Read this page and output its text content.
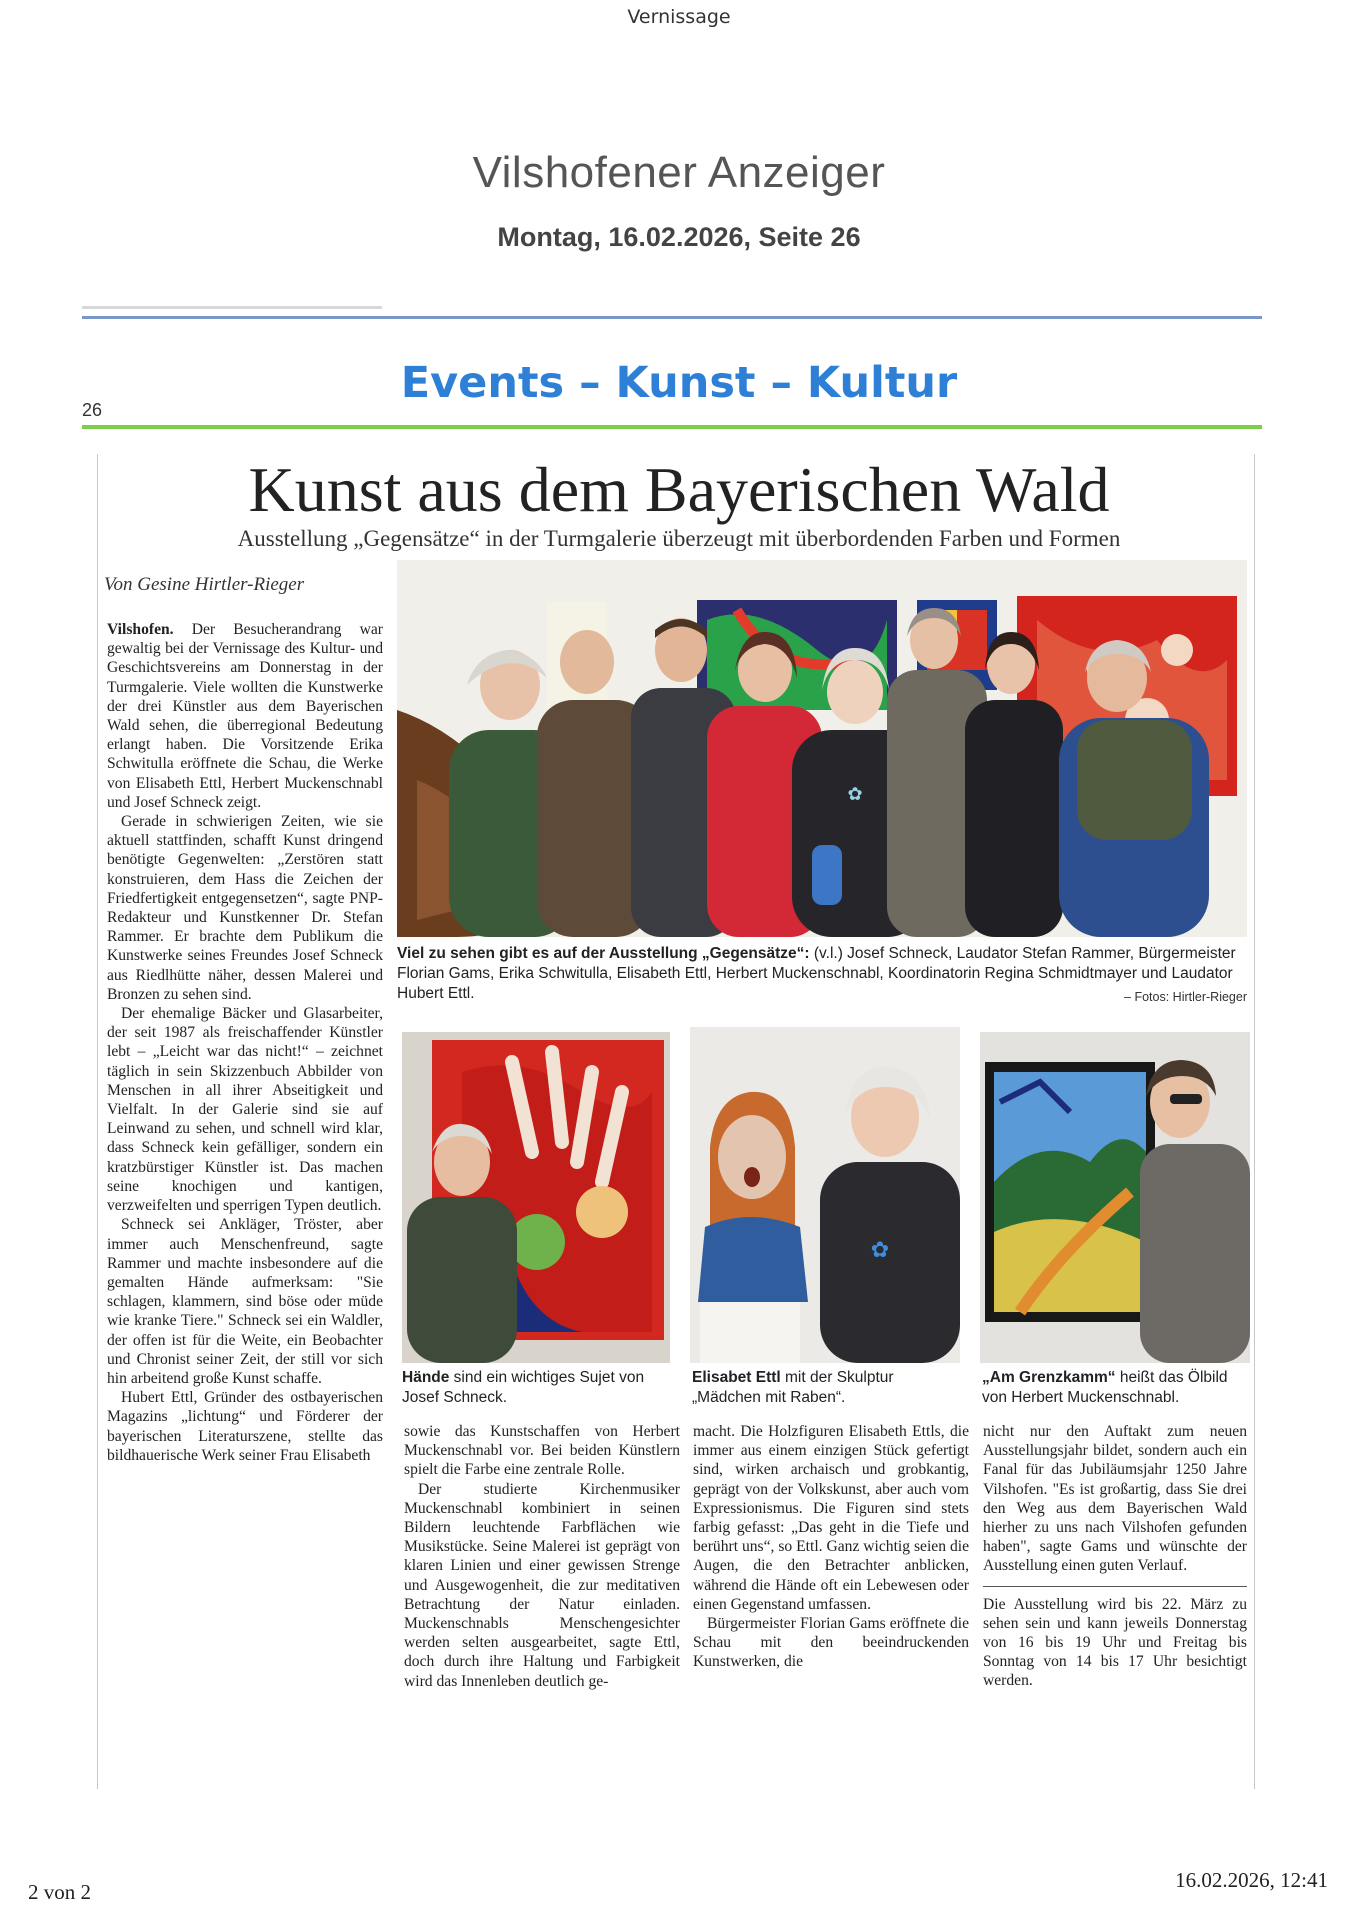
Vernissage
Vilshofener Anzeiger
Montag, 16.02.2026, Seite 26
26
Events – Kunst – Kultur
Kunst aus dem Bayerischen Wald
Ausstellung „Gegensätze“ in der Turmgalerie überzeugt mit überbordenden Farben und Formen
Von Gesine Hirtler-Rieger
✿
Viel zu sehen gibt es auf der Ausstellung „Gegensätze“: (v.l.) Josef Schneck, Laudator Stefan Rammer, Bürgermeister Florian Gams, Erika Schwitulla, Elisabeth Ettl, Herbert Muckenschnabl, Koordinatorin Regina Schmidtmayer und Laudator Hubert Ettl.	– Fotos: Hirtler-Rieger
Hände sind ein wichtiges Sujet von Josef Schneck.
✿
Elisabet Ettl mit der Skulptur „Mädchen mit Raben“.
„Am Grenzkamm“ heißt das Ölbild von Herbert Muckenschnabl.

Vilshofen. Der Besucherandrang war gewaltig bei der Vernissage des Kultur- und Geschichtsvereins am Donnerstag in der Turmgalerie. Viele wollten die Kunstwerke der drei Künstler aus dem Bayerischen Wald sehen, die überregional Bedeutung erlangt haben. Die Vorsitzende Erika Schwitulla eröffnete die Schau, die Werke von Elisabeth Ettl, Herbert Muckenschnabl und Josef Schneck zeigt.

Gerade in schwierigen Zeiten, wie sie aktuell stattfinden, schafft Kunst dringend benötigte Gegenwelten: „Zerstören statt konstruieren, dem Hass die Zeichen der Friedfertigkeit entgegensetzen“, sagte PNP-Redakteur und Kunstkenner Dr. Stefan Rammer. Er brachte dem Publikum die Kunstwerke seines Freundes Josef Schneck aus Riedlhütte näher, dessen Malerei und Bronzen zu sehen sind.

Der ehemalige Bäcker und Glasarbeiter, der seit 1987 als freischaffender Künstler lebt – „Leicht war das nicht!“ – zeichnet täglich in sein Skizzenbuch Abbilder von Menschen in all ihrer Abseitigkeit und Vielfalt. In der Galerie sind sie auf Leinwand zu sehen, und schnell wird klar, dass Schneck kein gefälliger, sondern ein kratzbürstiger Künstler ist. Das machen seine knochigen und kantigen, verzweifelten und sperrigen Typen deutlich.

Schneck sei Ankläger, Tröster, aber immer auch Menschenfreund, sagte Rammer und machte insbesondere auf die gemalten Hände aufmerksam: "Sie schlagen, klammern, sind böse oder müde wie kranke Tiere." Schneck sei ein Waldler, der offen ist für die Weite, ein Beobachter und Chronist seiner Zeit, der still vor sich hin arbeitend große Kunst schaffe.

Hubert Ettl, Gründer des ostbayerischen Magazins „lichtung“ und Förderer der bayerischen Literaturszene, stellte das bildhauerische Werk seiner Frau Elisabeth

sowie das Kunstschaffen von Herbert Muckenschnabl vor. Bei beiden Künstlern spielt die Farbe eine zentrale Rolle.

Der studierte Kirchenmusiker Muckenschnabl kombiniert in seinen Bildern leuchtende Farbflächen wie Musikstücke. Seine Malerei ist geprägt von klaren Linien und einer gewissen Strenge und Ausgewogenheit, die zur meditativen Betrachtung der Natur einladen. Muckenschnabls Menschengesichter werden selten ausgearbeitet, sagte Ettl, doch durch ihre Haltung und Farbigkeit wird das Innenleben deutlich ge-

macht. Die Holzfiguren Elisabeth Ettls, die immer aus einem einzigen Stück gefertigt sind, wirken archaisch und grobkantig, geprägt von der Volkskunst, aber auch vom Expressionismus. Die Figuren sind stets farbig gefasst: „Das geht in die Tiefe und berührt uns“, so Ettl. Ganz wichtig seien die Augen, die den Betrachter anblicken, während die Hände oft ein Lebewesen oder einen Gegenstand umfassen.

Bürgermeister Florian Gams eröffnete die Schau mit den beeindruckenden Kunstwerken, die

nicht nur den Auftakt zum neuen Ausstellungsjahr bildet, sondern auch ein Fanal für das Jubiläumsjahr 1250 Jahre Vilshofen. "Es ist großartig, dass Sie drei den Weg aus dem Bayerischen Wald hierher zu uns nach Vilshofen gefunden haben", sagte Gams und wünschte der Ausstellung einen guten Verlauf.

Die Ausstellung wird bis 22. März zu sehen sein und kann jeweils Donnerstag von 16 bis 19 Uhr und Freitag bis Sonntag von 14 bis 17 Uhr besichtigt werden.

2 von 2	16.02.2026, 12:41
